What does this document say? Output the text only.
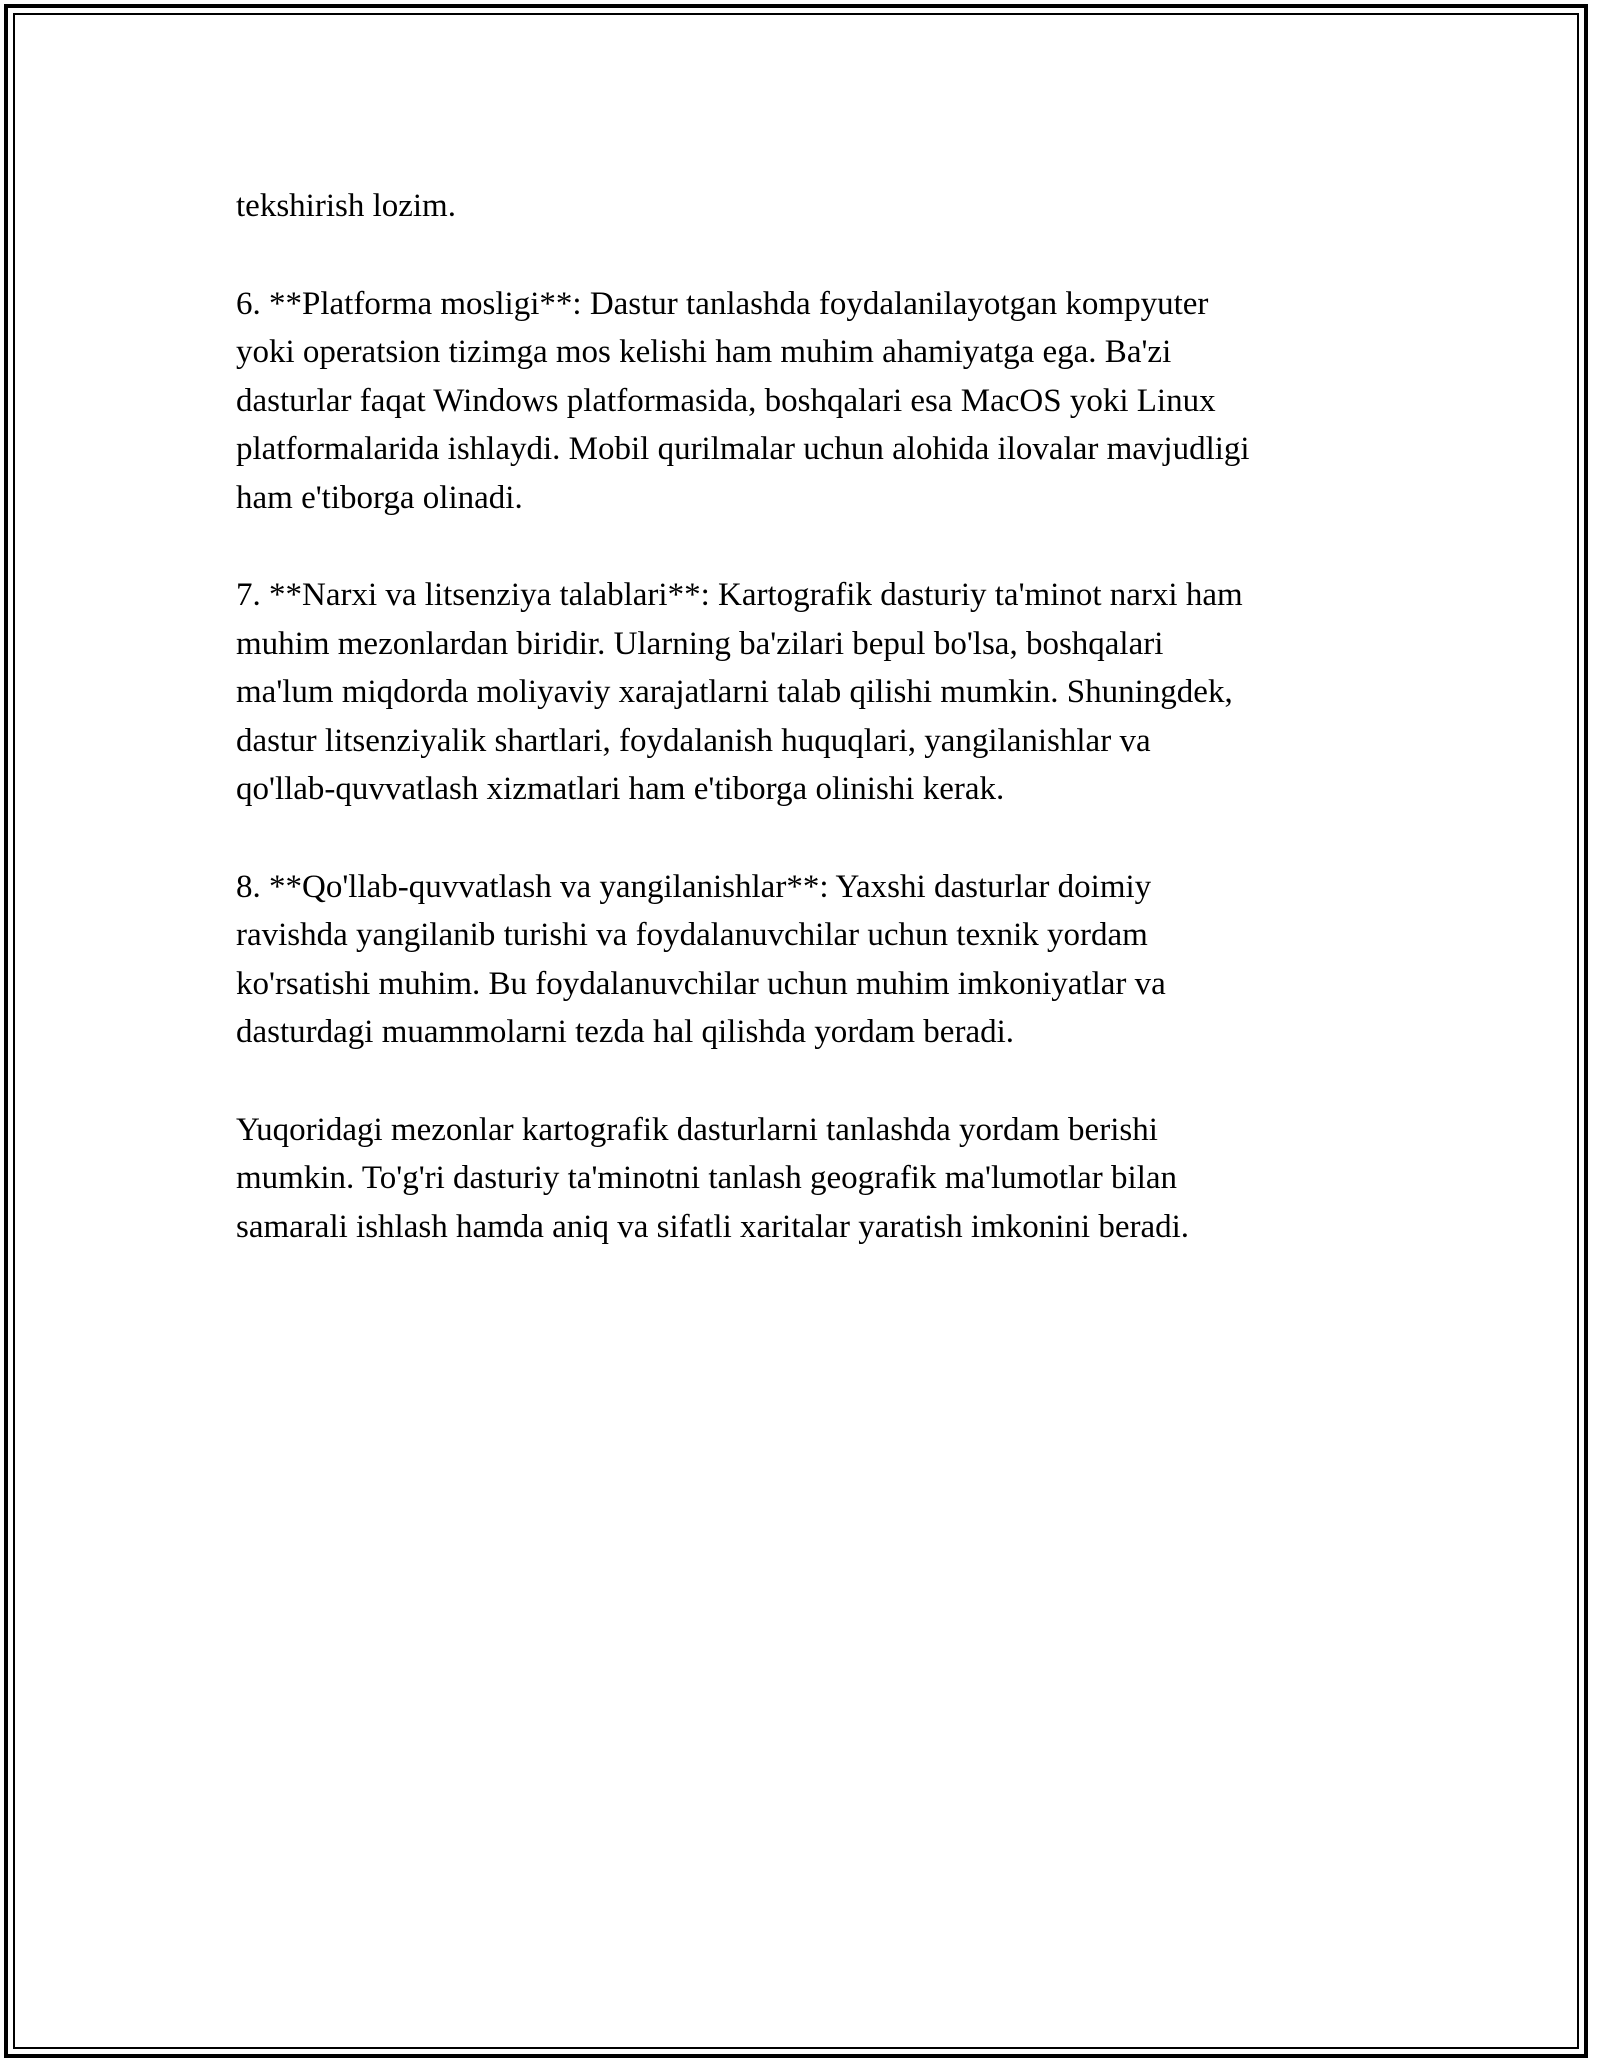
tekshirish lozim.

6. **Platforma mosligi**: Dastur tanlashda foydalanilayotgan kompyuter
yoki operatsion tizimga mos kelishi ham muhim ahamiyatga ega. Ba'zi
dasturlar faqat Windows platformasida, boshqalari esa MacOS yoki Linux
platformalarida ishlaydi. Mobil qurilmalar uchun alohida ilovalar mavjudligi
ham e'tiborga olinadi.

7. **Narxi va litsenziya talablari**: Kartografik dasturiy ta'minot narxi ham
muhim mezonlardan biridir. Ularning ba'zilari bepul bo'lsa, boshqalari
ma'lum miqdorda moliyaviy xarajatlarni talab qilishi mumkin. Shuningdek,
dastur litsenziyalik shartlari, foydalanish huquqlari, yangilanishlar va
qo'llab-quvvatlash xizmatlari ham e'tiborga olinishi kerak.

8. **Qo'llab-quvvatlash va yangilanishlar**: Yaxshi dasturlar doimiy
ravishda yangilanib turishi va foydalanuvchilar uchun texnik yordam
ko'rsatishi muhim. Bu foydalanuvchilar uchun muhim imkoniyatlar va
dasturdagi muammolarni tezda hal qilishda yordam beradi.

Yuqoridagi mezonlar kartografik dasturlarni tanlashda yordam berishi
mumkin. To'g'ri dasturiy ta'minotni tanlash geografik ma'lumotlar bilan
samarali ishlash hamda aniq va sifatli xaritalar yaratish imkonini beradi.
